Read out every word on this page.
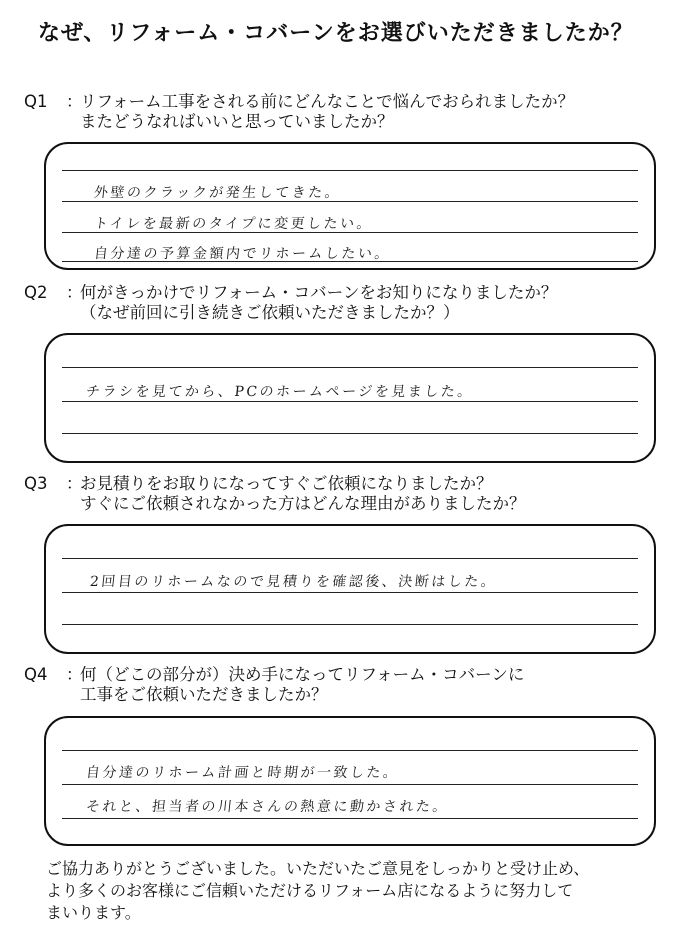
なぜ、リフォーム・コバーンをお選びいただきましたか？
Q1 ：リフォーム工事をされる前にどんなことで悩んでおられましたか？
またどうなればいいと思っていましたか？
外壁のクラックが発生してきた。
トイレを最新のタイプに変更したい。
自分達の予算金額内でリホームしたい。
Q2 ：何がきっかけでリフォーム・コバーンをお知りになりましたか？
（なぜ前回に引き続きご依頼いただきましたか？）
チラシを見てから、PCのホームページを見ました。
Q3 ：お見積りをお取りになってすぐご依頼になりましたか？
すぐにご依頼されなかった方はどんな理由がありましたか？
2回目のリホームなので見積りを確認後、決断はした。
Q4 ：何（どこの部分が）決め手になってリフォーム・コバーンに
工事をご依頼いただきましたか？
自分達のリホーム計画と時期が一致した。
それと、担当者の川本さんの熱意に動かされた。
ご協力ありがとうございました。いただいたご意見をしっかりと受け止め、
より多くのお客様にご信頼いただけるリフォーム店になるように努力して
まいります。
